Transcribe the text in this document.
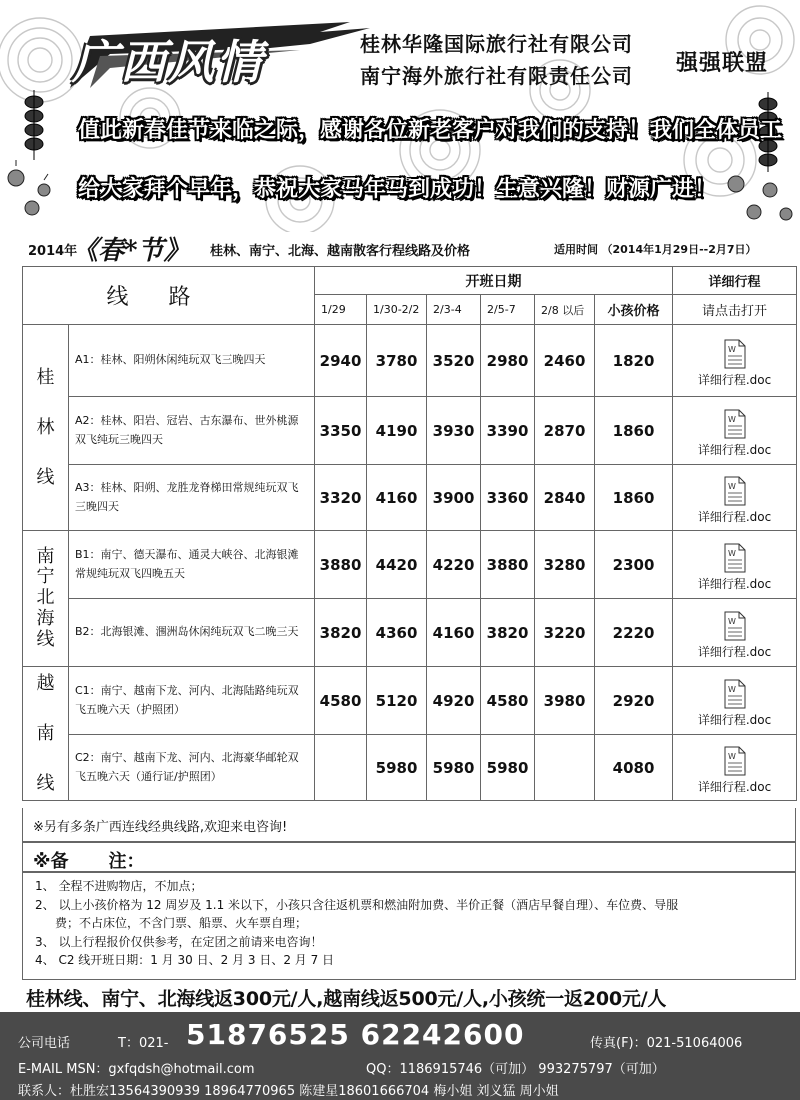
广西风情	桂林华隆国际旅行社有限公司
南宁海外旅行社有限责任公司 强强联盟
值此新春佳节来临之际，感谢各位新老客户对我们的支持！我们全体员工
给大家拜个早年，恭祝大家马年马到成功！生意兴隆！财源广进！
2014年
《春*节》 桂林、南宁、北海、越南散客行程线路及价格	适用时间 （2014年1月29日--2月7日）
线路		开班日期						详细行程
		1/29	1/30-2/2	2/3-4	2/5-7	2/8 以后	小孩价格	请点击打开

桂

林

线	A1：桂林、阳朔休闲纯玩双飞三晚四天	2940	3780	3520	2980	2460	1820	W
详细行程.doc
	A2：桂林、阳岩、冠岩、古东瀑布、世外桃源双飞纯玩三晚四天	3350	4190	3930	3390	2870	1860	W
详细行程.doc
	A3：桂林、阳朔、龙胜龙脊梯田常规纯玩双飞三晚四天	3320	4160	3900	3360	2840	1860	W
详细行程.doc

南
宁
北
海
线	B1：南宁、德天瀑布、通灵大峡谷、北海银滩常规纯玩双飞四晚五天	3880	4420	4220	3880	3280	2300	W
详细行程.doc
	B2：北海银滩、涠洲岛休闲纯玩双飞二晚三天	3820	4360	4160	3820	3220	2220	W
详细行程.doc

越

南

线	C1：南宁、越南下龙、河内、北海陆路纯玩双飞五晚六天（护照团）	4580	5120	4920	4580	3980	2920	W
详细行程.doc
	C2：南宁、越南下龙、河内、北海豪华邮轮双飞五晚六天（通行证/护照团）		5980	5980	5980		4080	W
详细行程.doc
※另有多条广西连线经典线路,欢迎来电咨询!
※备 注：

1、 全程不进购物店，不加点；

2、 以上小孩价格为 12 周岁及 1.1 米以下，小孩只含往返机票和燃油附加费、半价正餐（酒店早餐自理）、车位费、导服

费；不占床位，不含门票、船票、火车票自理；

3、 以上行程报价仅供参考，在定团之前请来电咨询！

4、 C2 线开班日期：1 月 30 日、2 月 3 日、2 月 7 日

桂林线、南宁、北海线返300元/人,越南线返500元/人,小孩统一返200元/人
公司电话	T：021- 51876525 62242600	传真(F)：021-51064006
E-MAIL MSN：gxfqdsh@hotmail.com	QQ：1186915746（可加） 993275797（可加）
联系人：杜胜宏13564390939 18964770965 陈建星18601666704 梅小姐 刘义猛 周小姐
